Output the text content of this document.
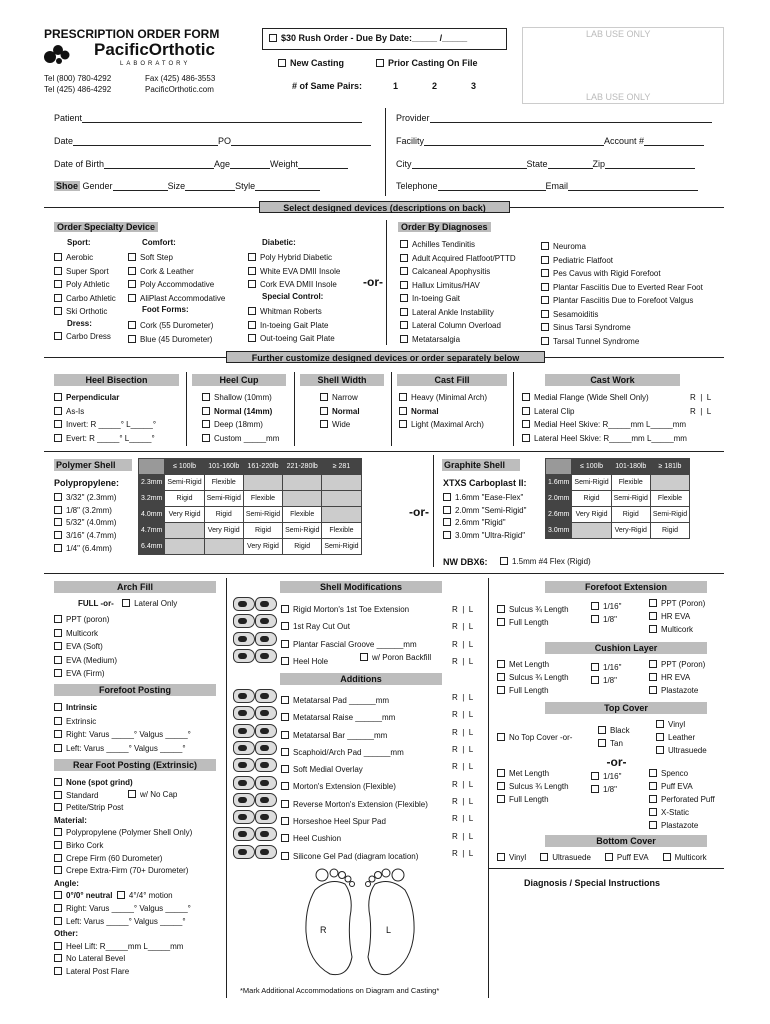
PRESCRIPTION ORDER FORM
PacificOrthotic
LABORATORY
Tel (800) 780-4292	Fax (425) 486-3553
Tel (425) 486-4292	PacificOrthotic.com
$30 Rush Order - Due By Date:_____ /_____
New Casting	Prior Casting On File
# of Same Pairs:	1	2	3
LAB USE ONLY
LAB USE ONLY
Patient
Date	PO
Date of Birth	Age	Weight
Shoe Gender	Size	Style
Provider
Facility	Account #
City	State	Zip
Telephone	Email
Select designed devices (descriptions on back)
Order Specialty Device
Sport:
Aerobic
Super Sport
Poly Athletic
Carbo Athletic
Ski Orthotic
Dress:
Carbo Dress
Comfort:
Soft Step
Cork & Leather
Poly Accommodative
AliPlast Accommodative
Foot Forms:
Cork (55 Durometer)
Blue (45 Durometer)
Diabetic:
Poly Hybrid Diabetic
White EVA DMII Insole
Cork EVA DMII Insole
Special Control:
Whitman Roberts
In-toeing Gait Plate
Out-toeing Gait Plate
-or-
Order By Diagnoses
Achilles Tendinitis
Adult Acquired Flatfoot/PTTD
Calcaneal Apophysitis
Hallux Limitus/HAV
In-toeing Gait
Lateral Ankle Instability
Lateral Column Overload
Metatarsalgia
Neuroma
Pediatric Flatfoot
Pes Cavus with Rigid Forefoot
Plantar Fasciitis Due to Everted Rear Foot
Plantar Fasciitis Due to Forefoot Valgus
Sesamoiditis
Sinus Tarsi Syndrome
Tarsal Tunnel Syndrome
Further customize designed devices or order separately below
Heel Bisection
Perpendicular
As-Is
Invert: R _____° L_____°
Evert: R _____° L_____°
Heel Cup
Shallow (10mm)
Normal (14mm)
Deep (18mm)
Custom _____mm
Shell Width
Narrow
Normal
Wide
Cast Fill
Heavy (Minimal Arch)
Normal
Light (Maximal Arch)
Cast Work
Medial Flange (Wide Shell Only)
Lateral Clip
Medial Heel Skive: R_____mm L_____mm
Lateral Heel Skive: R_____mm L_____mm
R  |  L
R  |  L
Polymer Shell
Polypropylene:
3/32" (2.3mm)
1/8" (3.2mm)
5/32" (4.0mm)
3/16" (4.7mm)
1/4" (6.4mm)
	≤ 100lb	101-160lb	161-220lb	221-280lb	≥ 281
2.3mm	Semi-Rigid	Flexible			
3.2mm	Rigid	Semi-Rigid	Flexible		
4.0mm	Very Rigid	Rigid	Semi-Rigid	Flexible	
4.7mm		Very Rigid	Rigid	Semi-Rigid	Flexible
6.4mm			Very Rigid	Rigid	Semi-Rigid
-or-
Graphite Shell
XTXS Carboplast II:
1.6mm "Ease-Flex"
2.0mm "Semi-Rigid"
2.6mm "Rigid"
3.0mm "Ultra-Rigid"
	≤ 100lb	101-180lb	≥ 181lb
1.6mm	Semi-Rigid	Flexible	
2.0mm	Rigid	Semi-Rigid	Flexible
2.6mm	Very Rigid	Rigid	Semi-Rigid
3.0mm		Very-Rigid	Rigid
NW DBX6:	1.5mm #4 Flex (Rigid)
Arch Fill
FULL -or-	Lateral Only
PPT (poron)
Multicork
EVA (Soft)
EVA (Medium)
EVA (Firm)
Forefoot Posting
Intrinsic
Extrinsic
Right: Varus _____° Valgus _____°
Left: Varus _____° Valgus _____°
Rear Foot Posting (Extrinsic)
None (spot grind)
Standard
Petite/Strip Post
Material:
Polypropylene (Polymer Shell Only)
Birko Cork
Crepe Firm (60 Durometer)
Crepe Extra-Firm (70+ Durometer)
Angle:
0°/0° neutral 4°/4° motion
Right: Varus _____° Valgus _____°
Left: Varus _____° Valgus _____°
Other:
Heel Lift: R_____mm L_____mm
No Lateral Bevel
Lateral Post Flare
w/ No Cap
Shell Modifications
Rigid Morton's 1st Toe Extension
1st Ray Cut Out
Plantar Fascial Groove ______mm
Heel Hole	w/ Poron Backfill
Additions
Metatarsal Pad ______mm
Metatarsal Raise ______mm
Metatarsal Bar ______mm
Scaphoid/Arch Pad ______mm
Soft Medial Overlay
Morton's Extension (Flexible)
Reverse Morton's Extension (Flexible)
Horseshoe Heel Spur Pad
Heel Cushion
Silicone Gel Pad (diagram location)
R  |  L
R  |  L
R  |  L
R  |  L
R  |  L
R  |  L
R  |  L
R  |  L
R  |  L
R  |  L
R  |  L
R  |  L
R  |  L
R  |  L
R	L
*Mark Additional Accommodations on Diagram and Casting*
Forefoot Extension
Sulcus ¾ Length
Full Length
1/16"
1/8"
PPT (Poron)
HR EVA
Multicork
Cushion Layer
Met Length
Sulcus ¾ Length
Full Length
1/16"
1/8"
PPT (Poron)
HR EVA
Plastazote
Top Cover
No Top Cover -or-
Black
Tan
Vinyl
Leather
Ultrasuede
-or-
Met Length
Sulcus ¾ Length
Full Length
1/16"
1/8"
Spenco
Puff EVA
Perforated Puff
X-Static
Plastazote
Bottom Cover
Vinyl	Ultrasuede	Puff EVA	Multicork
Diagnosis / Special Instructions
